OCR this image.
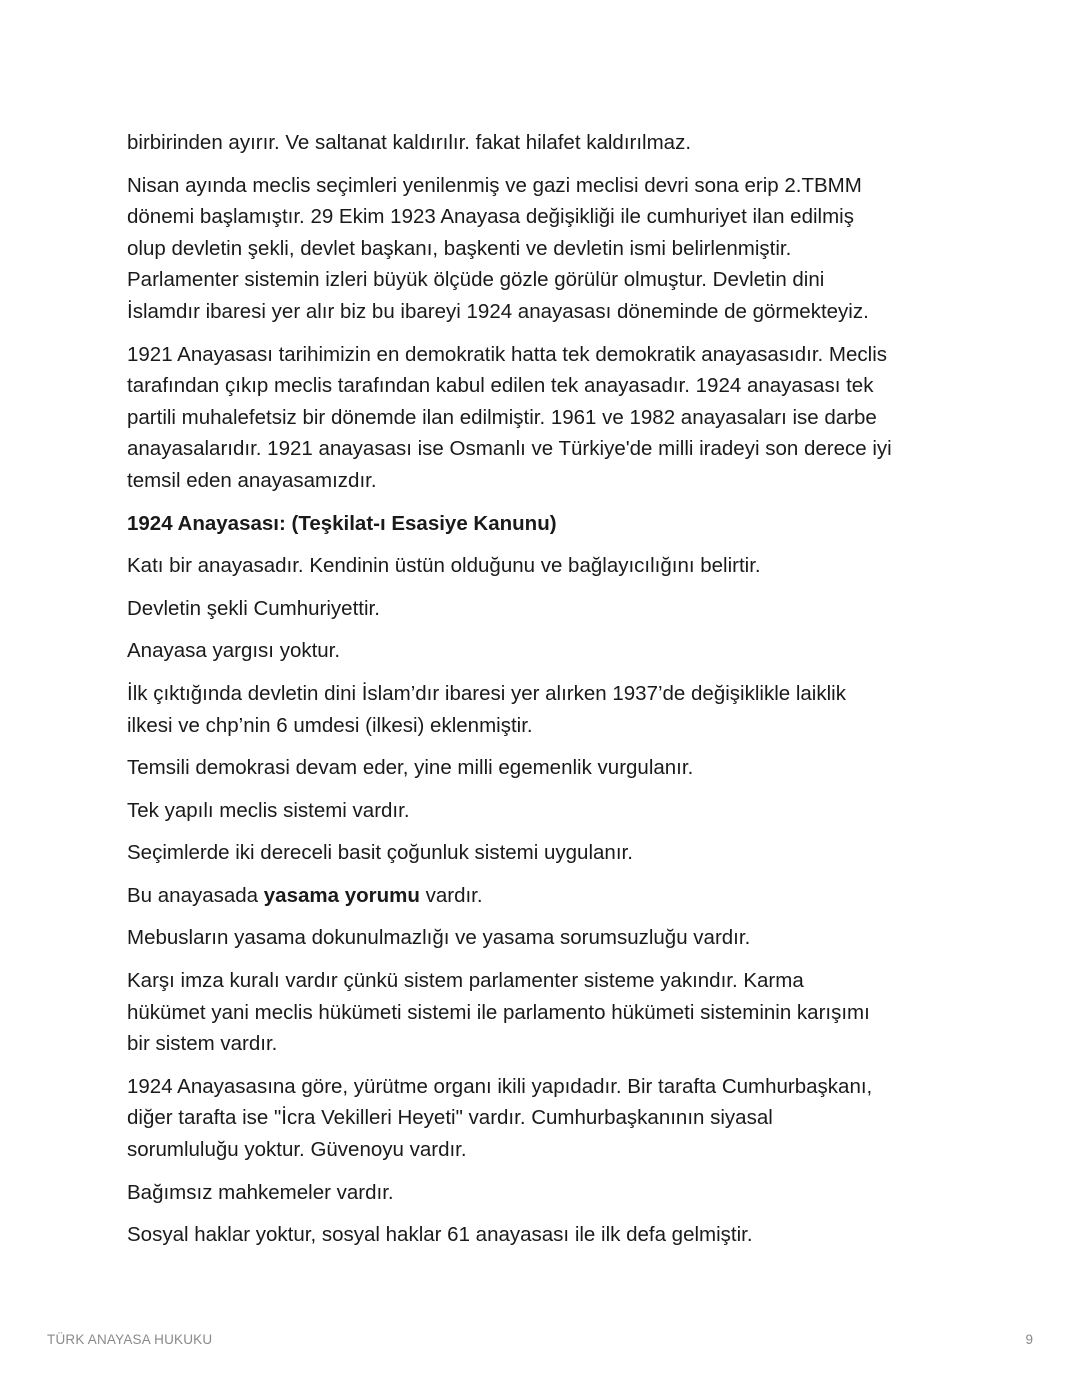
birbirinden ayırır. Ve saltanat kaldırılır. fakat hilafet kaldırılmaz.

Nisan ayında meclis seçimleri yenilenmiş ve gazi meclisi devri sona erip 2.TBMM
dönemi başlamıştır. 29 Ekim 1923 Anayasa değişikliği ile cumhuriyet ilan edilmiş
olup devletin şekli, devlet başkanı, başkenti ve devletin ismi belirlenmiştir.
Parlamenter sistemin izleri büyük ölçüde gözle görülür olmuştur. Devletin dini
İslamdır ibaresi yer alır biz bu ibareyi 1924 anayasası döneminde de görmekteyiz.

1921 Anayasası tarihimizin en demokratik hatta tek demokratik anayasasıdır. Meclis
tarafından çıkıp meclis tarafından kabul edilen tek anayasadır. 1924 anayasası tek
partili muhalefetsiz bir dönemde ilan edilmiştir. 1961 ve 1982 anayasaları ise darbe
anayasalarıdır. 1921 anayasası ise Osmanlı ve Türkiye'de milli iradeyi son derece iyi
temsil eden anayasamızdır.

1924 Anayasası: (Teşkilat-ı Esasiye Kanunu)

Katı bir anayasadır. Kendinin üstün olduğunu ve bağlayıcılığını belirtir.

Devletin şekli Cumhuriyettir.

Anayasa yargısı yoktur.

İlk çıktığında devletin dini İslam’dır ibaresi yer alırken 1937’de değişiklikle laiklik
ilkesi ve chp’nin 6 umdesi (ilkesi) eklenmiştir.

Temsili demokrasi devam eder, yine milli egemenlik vurgulanır.

Tek yapılı meclis sistemi vardır.

Seçimlerde iki dereceli basit çoğunluk sistemi uygulanır.

Bu anayasada yasama yorumu vardır.

Mebusların yasama dokunulmazlığı ve yasama sorumsuzluğu vardır.

Karşı imza kuralı vardır çünkü sistem parlamenter sisteme yakındır. Karma
hükümet yani meclis hükümeti sistemi ile parlamento hükümeti sisteminin karışımı
bir sistem vardır.

1924 Anayasasına göre, yürütme organı ikili yapıdadır. Bir tarafta Cumhurbaşkanı,
diğer tarafta ise "İcra Vekilleri Heyeti" vardır. Cumhurbaşkanının siyasal
sorumluluğu yoktur. Güvenoyu vardır.

Bağımsız mahkemeler vardır.

Sosyal haklar yoktur, sosyal haklar 61 anayasası ile ilk defa gelmiştir.

TÜRK ANAYASA HUKUKU	9
